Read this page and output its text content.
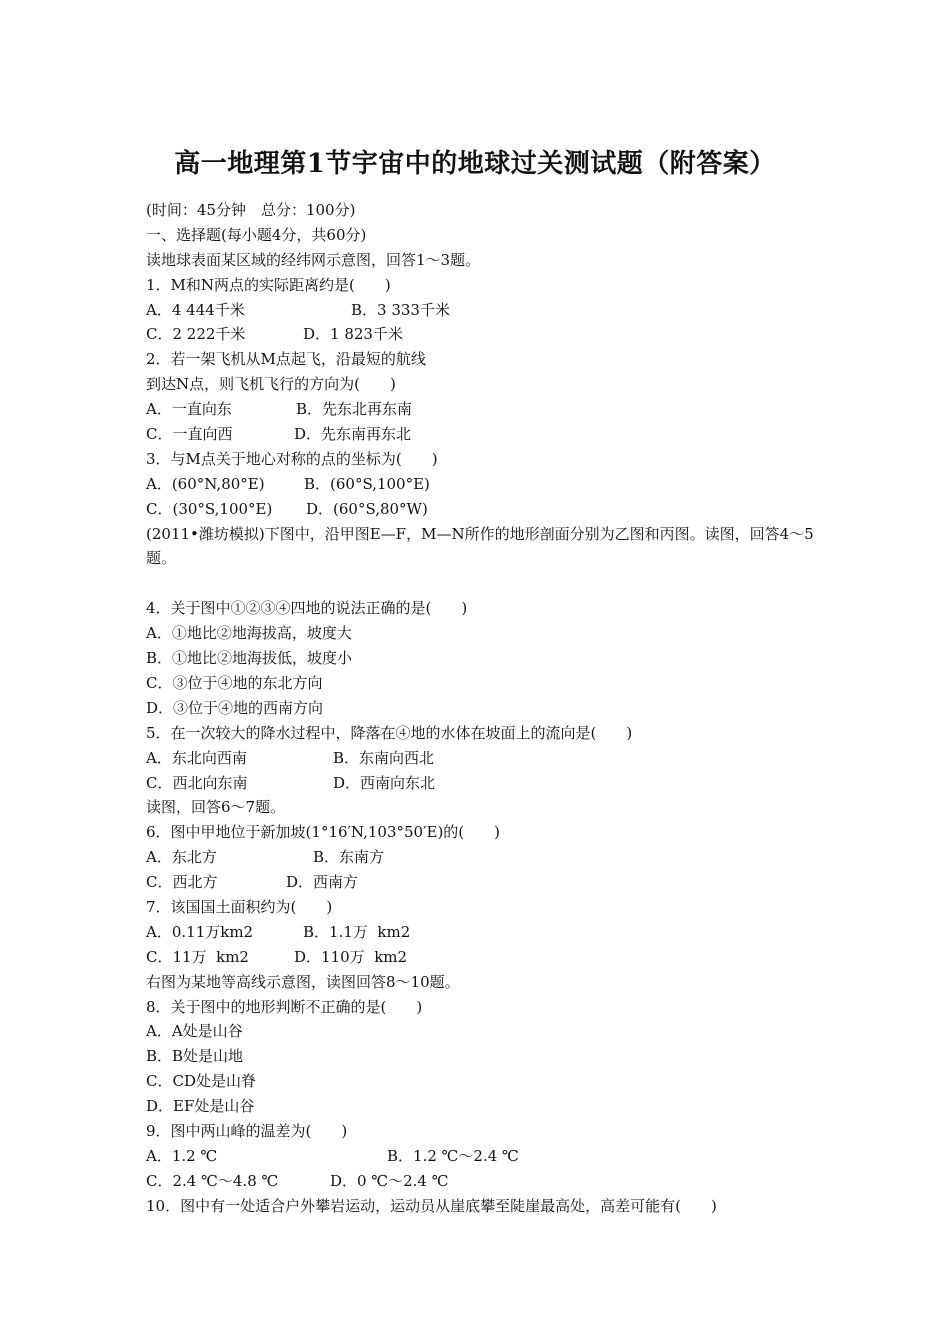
高一地理第1节宇宙中的地球过关测试题（附答案）
(时间：45分钟　总分：100分)
一、选择题(每小题4分，共60分)
读地球表面某区域的经纬网示意图，回答1～3题。
1．M和N两点的实际距离约是(　　)
A．4 444千米	B．3 333千米
C．2 222千米	D．1 823千米
2．若一架飞机从M点起飞，沿最短的航线
到达N点，则飞机飞行的方向为(　　)
A．一直向东	B．先东北再东南
C．一直向西	D．先东南再东北
3．与M点关于地心对称的点的坐标为(　　)
A．(60°N,80°E)	B．(60°S,100°E)
C．(30°S,100°E)	D．(60°S,80°W)
(2011•潍坊模拟)下图中，沿甲图E—F，M—N所作的地形剖面分别为乙图和丙图。读图，回答4～5题。
4．关于图中①②③④四地的说法正确的是(　　)
A．①地比②地海拔高，坡度大
B．①地比②地海拔低，坡度小
C．③位于④地的东北方向
D．③位于④地的西南方向
5．在一次较大的降水过程中，降落在④地的水体在坡面上的流向是(　　)
A．东北向西南	B．东南向西北
C．西北向东南	D．西南向东北
读图，回答6～7题。
6．图中甲地位于新加坡(1°16′N,103°50′E)的(　　)
A．东北方	B．东南方
C．西北方	D．西南方
7．该国国土面积约为(　　)
A．0.11万km2	B．1.1万  km2
C．11万  km2	D．110万  km2
右图为某地等高线示意图，读图回答8～10题。
8．关于图中的地形判断不正确的是(　　)
A．A处是山谷
B．B处是山地
C．CD处是山脊
D．EF处是山谷
9．图中两山峰的温差为(　　)
A．1.2 ℃	B．1.2 ℃～2.4 ℃
C．2.4 ℃～4.8 ℃	D．0 ℃～2.4 ℃
10．图中有一处适合户外攀岩运动，运动员从崖底攀至陡崖最高处，高差可能有(　　)
